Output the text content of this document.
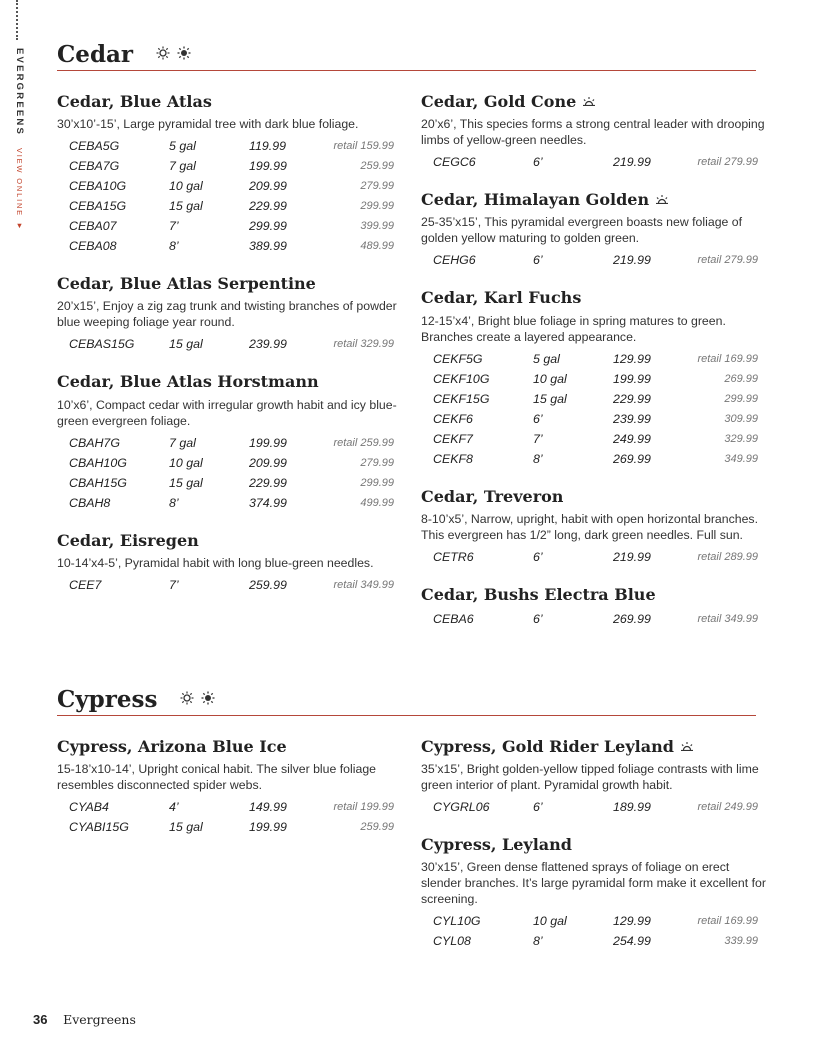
EVERGREENS VIEW ONLINE ▼
Cedar
Cedar, Blue Atlas

30’x10’-15’, Large pyramidal tree with dark blue foliage.

CEBA5G	5 gal	119.99	retail 159.99
CEBA7G	7 gal	199.99	259.99
CEBA10G	10 gal	209.99	279.99
CEBA15G	15 gal	229.99	299.99
CEBA07	7’	299.99	399.99
CEBA08	8’	389.99	489.99
Cedar, Blue Atlas Serpentine

20’x15’, Enjoy a zig zag trunk and twisting branches of powder blue weeping foliage year round.

CEBAS15G	15 gal	239.99	retail 329.99
Cedar, Blue Atlas Horstmann

10’x6’, Compact cedar with irregular growth habit and icy blue-green evergreen foliage.

CBAH7G	7 gal	199.99	retail 259.99
CBAH10G	10 gal	209.99	279.99
CBAH15G	15 gal	229.99	299.99
CBAH8	8’	374.99	499.99
Cedar, Eisregen

10-14’x4-5’, Pyramidal habit with long blue-green needles.

CEE7	7’	259.99	retail 349.99
Cedar, Gold Cone

20’x6’, This species forms a strong central leader with drooping limbs of yellow-green needles.

CEGC6	6’	219.99	retail 279.99
Cedar, Himalayan Golden

25-35’x15’, This pyramidal evergreen boasts new foliage of golden yellow maturing to golden green.

CEHG6	6’	219.99	retail 279.99
Cedar, Karl Fuchs

12-15’x4’, Bright blue foliage in spring matures to green. Branches create a layered appearance.

CEKF5G	5 gal	129.99	retail 169.99
CEKF10G	10 gal	199.99	269.99
CEKF15G	15 gal	229.99	299.99
CEKF6	6’	239.99	309.99
CEKF7	7’	249.99	329.99
CEKF8	8’	269.99	349.99
Cedar, Treveron

8-10’x5’, Narrow, upright, habit with open horizontal branches. This evergreen has 1/2” long, dark green needles. Full sun.

CETR6	6’	219.99	retail 289.99
Cedar, Bushs Electra Blue
CEBA6	6’	269.99	retail 349.99
Cypress
Cypress, Arizona Blue Ice

15-18’x10-14’, Upright conical habit. The silver blue foliage resembles disconnected spider webs.

CYAB4	4’	149.99	retail 199.99
CYABI15G	15 gal	199.99	259.99
Cypress, Gold Rider Leyland

35’x15’, Bright golden-yellow tipped foliage contrasts with lime green interior of plant. Pyramidal growth habit.

CYGRL06	6’	189.99	retail 249.99
Cypress, Leyland

30’x15’, Green dense flattened sprays of foliage on erect slender branches. It’s large pyramidal form make it excellent for screening.

CYL10G	10 gal	129.99	retail 169.99
CYL08	8’	254.99	339.99
36 Evergreens
